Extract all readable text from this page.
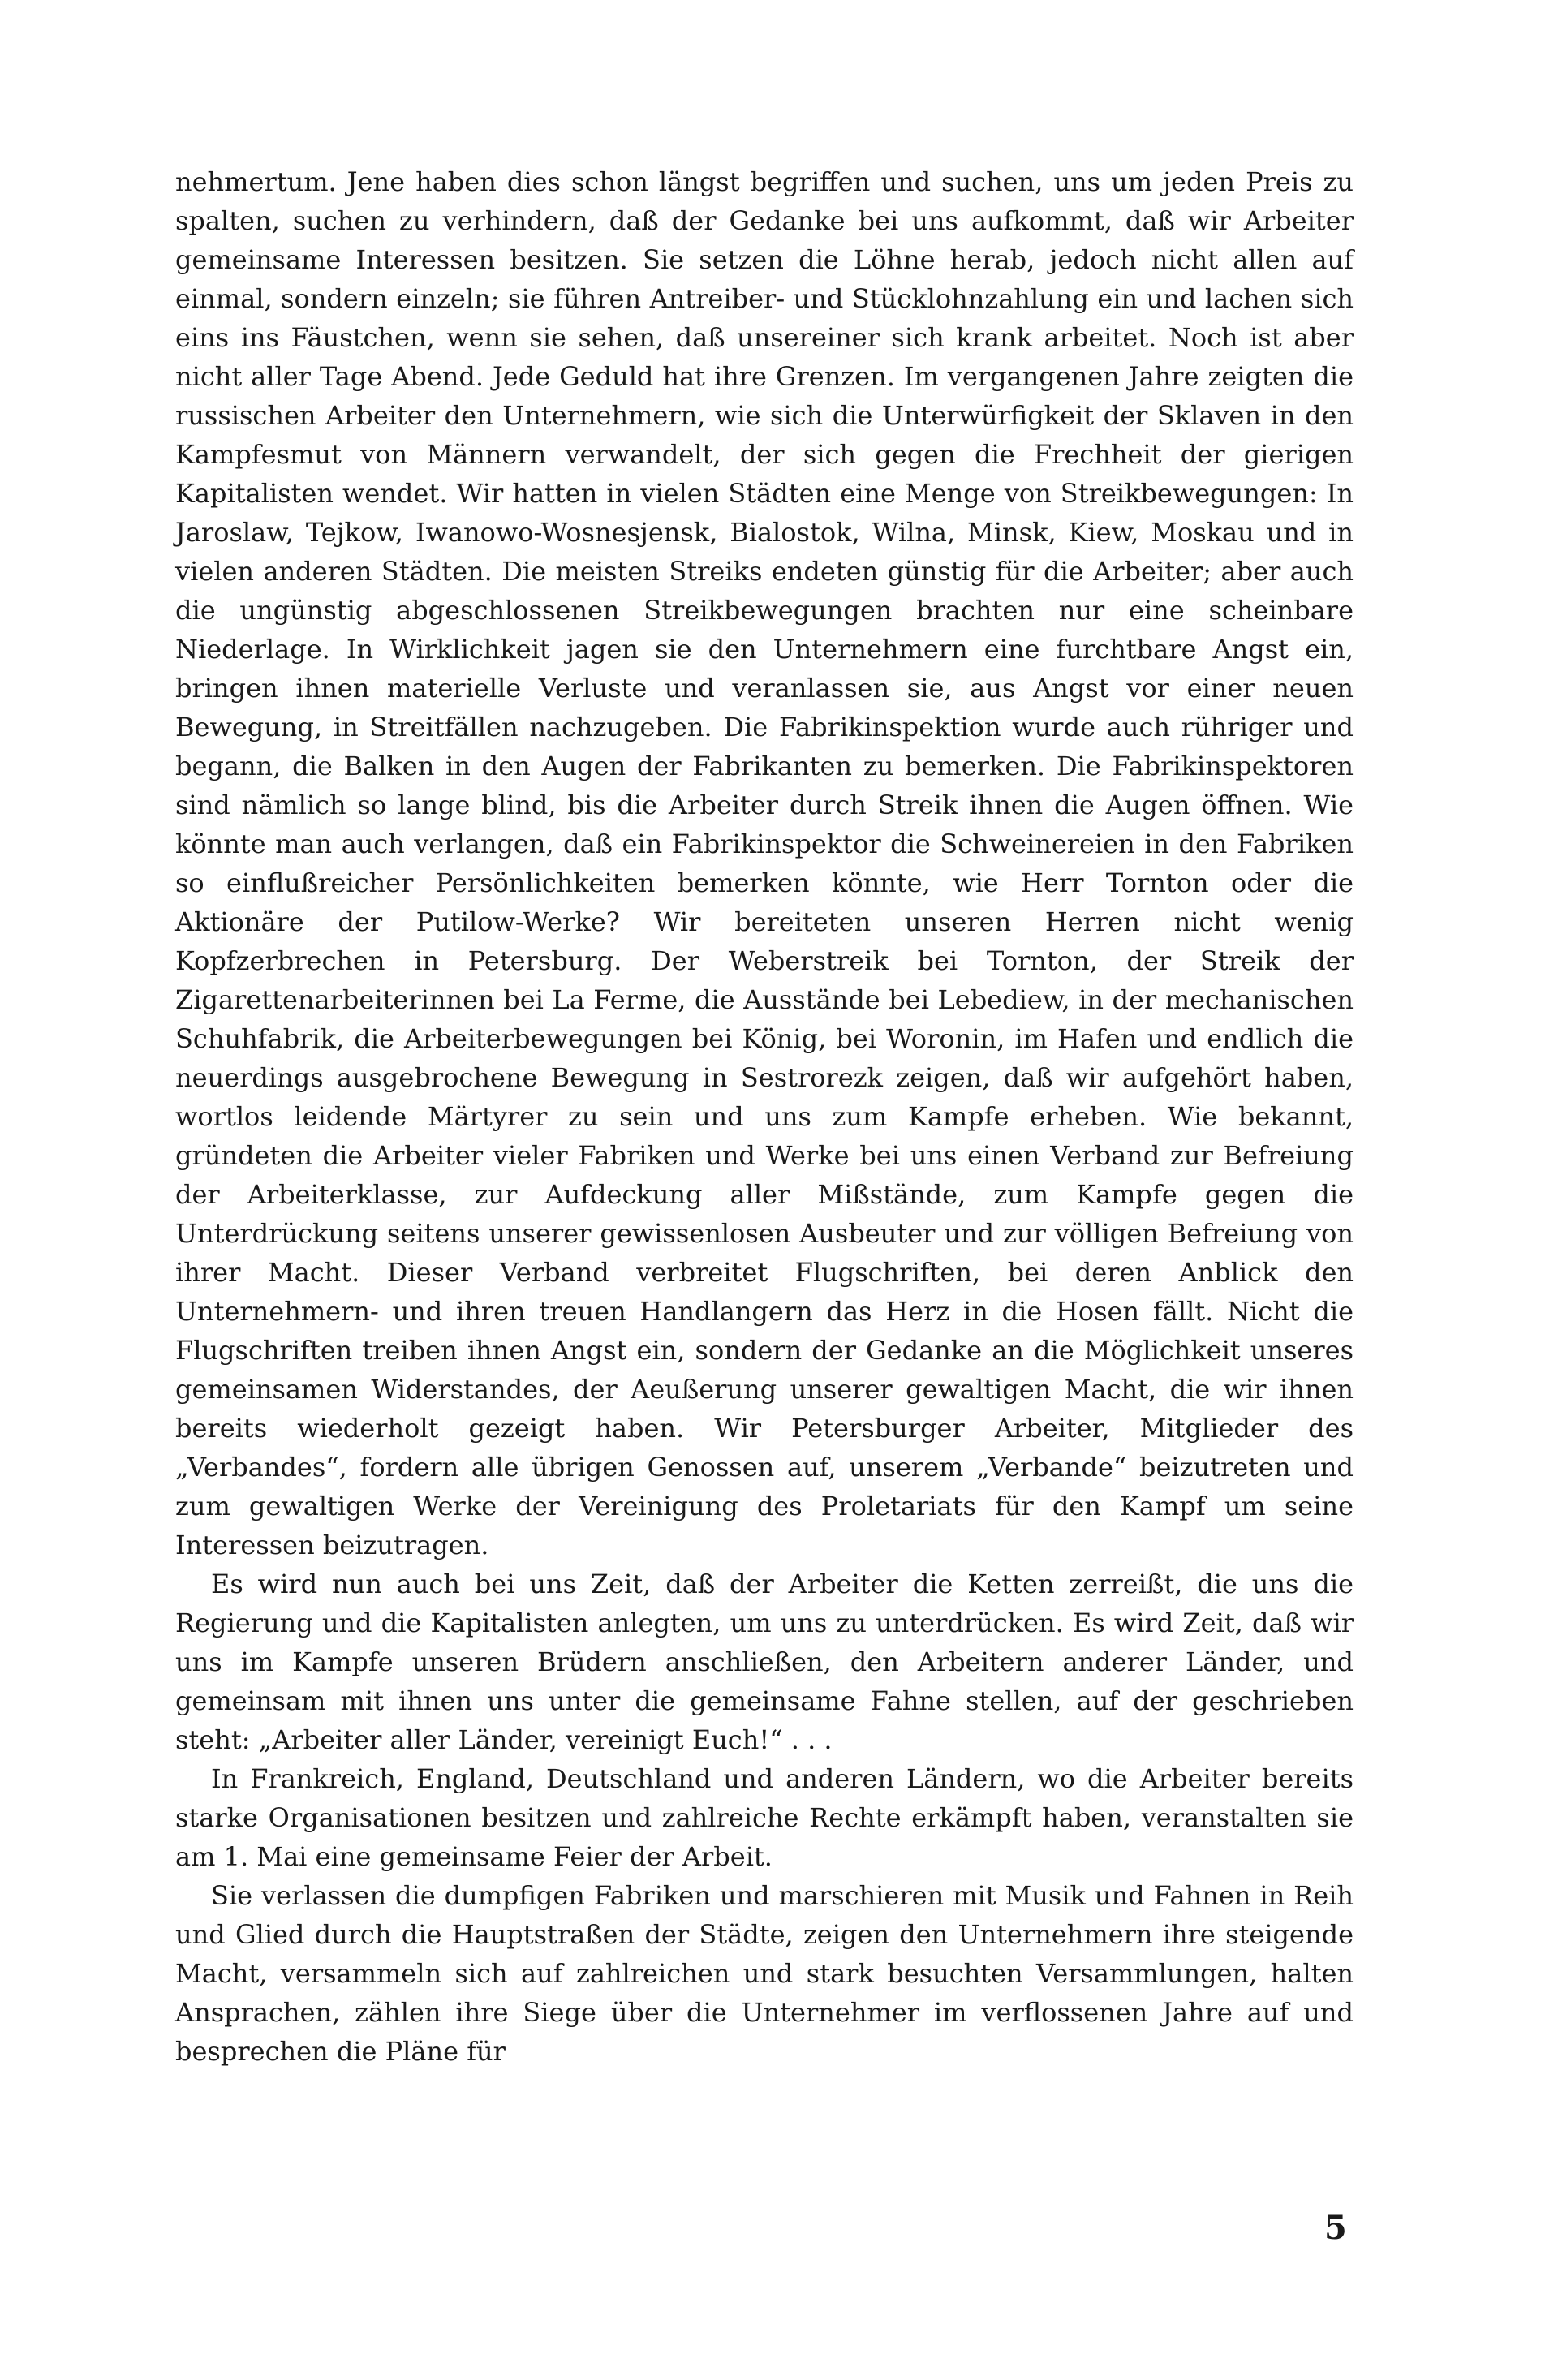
nehmertum. Jene haben dies schon längst begriffen und suchen, uns um jeden Preis zu spalten, suchen zu verhindern, daß der Gedanke bei uns aufkommt, daß wir Arbeiter gemeinsame Interessen besitzen. Sie setzen die Löhne herab, jedoch nicht allen auf einmal, sondern einzeln; sie führen Antreiber- und Stücklohnzahlung ein und lachen sich eins ins Fäustchen, wenn sie sehen, daß unsereiner sich krank arbeitet. Noch ist aber nicht aller Tage Abend. Jede Geduld hat ihre Grenzen. Im vergangenen Jahre zeigten die russischen Arbeiter den Unternehmern, wie sich die Unterwürfigkeit der Sklaven in den Kampfesmut von Männern verwandelt, der sich gegen die Frechheit der gierigen Kapitalisten wendet. Wir hatten in vielen Städten eine Menge von Streikbewegungen: In Jaroslaw, Tejkow, Iwanowo-Wosnesjensk, Bialostok, Wilna, Minsk, Kiew, Moskau und in vielen anderen Städten. Die meisten Streiks endeten günstig für die Arbeiter; aber auch die ungünstig abgeschlossenen Streikbewegungen brachten nur eine scheinbare Niederlage. In Wirklichkeit jagen sie den Unternehmern eine furchtbare Angst ein, bringen ihnen materielle Verluste und veranlassen sie, aus Angst vor einer neuen Bewegung, in Streitfällen nachzugeben. Die Fabrikinspektion wurde auch rühriger und begann, die Balken in den Augen der Fabrikanten zu bemerken. Die Fabrikinspektoren sind nämlich so lange blind, bis die Arbeiter durch Streik ihnen die Augen öffnen. Wie könnte man auch verlangen, daß ein Fabrikinspektor die Schweinereien in den Fabriken so einflußreicher Persönlichkeiten bemerken könnte, wie Herr Tornton oder die Aktionäre der Putilow-Werke? Wir bereiteten unseren Herren nicht wenig Kopfzerbrechen in Petersburg. Der Weberstreik bei Tornton, der Streik der Zigarettenarbeiterinnen bei La Ferme, die Ausstände bei Lebediew, in der mechanischen Schuhfabrik, die Arbeiterbewegungen bei König, bei Woronin, im Hafen und endlich die neuerdings ausgebrochene Bewegung in Sestrorezk zeigen, daß wir aufgehört haben, wortlos leidende Märtyrer zu sein und uns zum Kampfe erheben. Wie bekannt, gründeten die Arbeiter vieler Fabriken und Werke bei uns einen Verband zur Befreiung der Arbeiterklasse, zur Aufdeckung aller Mißstände, zum Kampfe gegen die Unterdrückung seitens unserer gewissenlosen Ausbeuter und zur völligen Befreiung von ihrer Macht. Dieser Verband verbreitet Flugschriften, bei deren Anblick den Unternehmern- und ihren treuen Handlangern das Herz in die Hosen fällt. Nicht die Flugschriften treiben ihnen Angst ein, sondern der Gedanke an die Möglichkeit unseres gemeinsamen Widerstandes, der Aeußerung unserer gewaltigen Macht, die wir ihnen bereits wiederholt gezeigt haben. Wir Petersburger Arbeiter, Mitglieder des „Verbandes“, fordern alle übrigen Genossen auf, unserem „Verbande“ beizutreten und zum gewaltigen Werke der Vereinigung des Proletariats für den Kampf um seine Interessen beizutragen.

Es wird nun auch bei uns Zeit, daß der Arbeiter die Ketten zerreißt, die uns die Regierung und die Kapitalisten anlegten, um uns zu unterdrücken. Es wird Zeit, daß wir uns im Kampfe unseren Brüdern anschließen, den Arbeitern anderer Länder, und gemeinsam mit ihnen uns unter die gemeinsame Fahne stellen, auf der geschrieben steht: „Arbeiter aller Länder, vereinigt Euch!“ . . .

In Frankreich, England, Deutschland und anderen Ländern, wo die Arbeiter bereits starke Organisationen besitzen und zahlreiche Rechte erkämpft haben, veranstalten sie am 1. Mai eine gemeinsame Feier der Arbeit.

Sie verlassen die dumpfigen Fabriken und marschieren mit Musik und Fahnen in Reih und Glied durch die Hauptstraßen der Städte, zeigen den Unternehmern ihre steigende Macht, versammeln sich auf zahlreichen und stark besuchten Versammlungen, halten Ansprachen, zählen ihre Siege über die Unternehmer im verflossenen Jahre auf und besprechen die Pläne für

5
